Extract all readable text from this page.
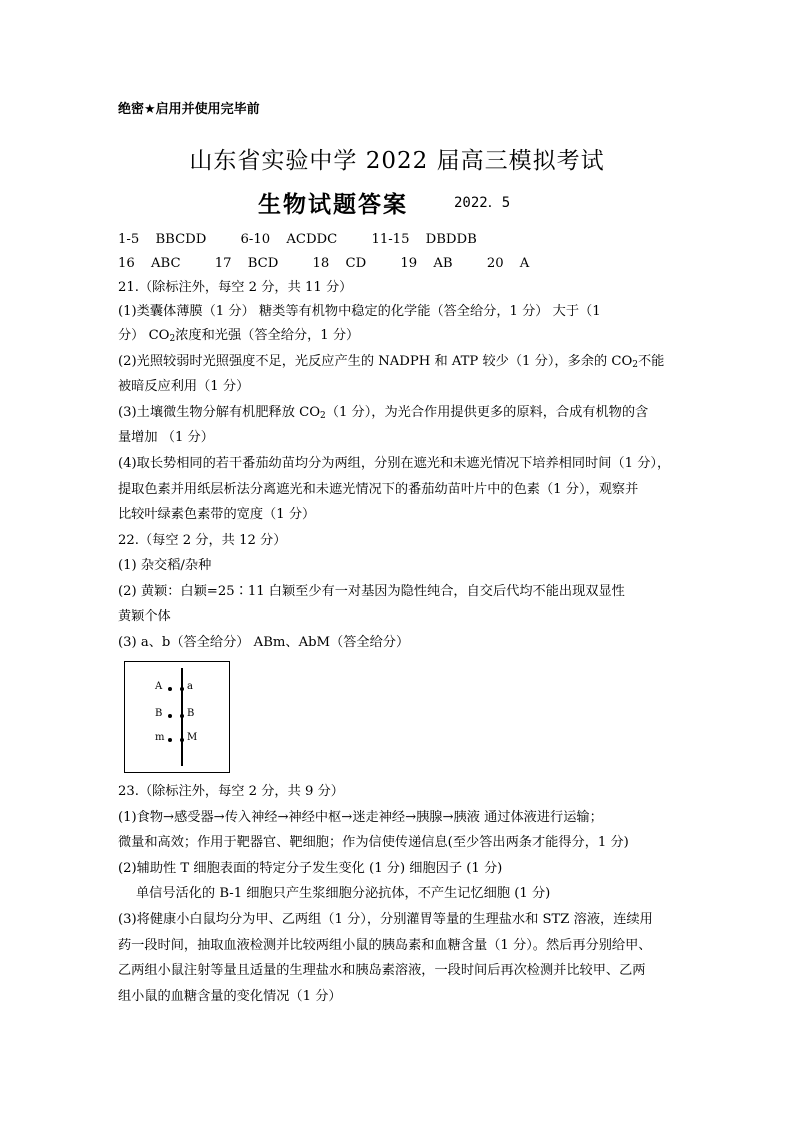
绝密★启用并使用完毕前
山东省实验中学 2022 届高三模拟考试
生物试题答案	2022．5
1-5 BBCDD	6-10 ACDDC	11-15 DBDDB
16 ABC	17 BCD	18 CD	19 AB	20 A
21.（除标注外，每空 2 分，共 11 分）
(1)类囊体薄膜（1 分） 糖类等有机物中稳定的化学能（答全给分，1 分） 大于（1
分） $CO_2$浓度和光强（答全给分，1 分）
(2)光照较弱时光照强度不足，光反应产生的 NADPH 和 ATP 较少（1 分），多余的 $CO_2$不能
被暗反应利用（1 分）
(3)土壤微生物分解有机肥释放 $CO_2(1$ 分），为光合作用提供更多的原料，合成有机物的含
量增加 （1 分）
(4)取长势相同的若干番茄幼苗均分为两组，分别在遮光和未遮光情况下培养相同时间（1 分），
提取色素并用纸层析法分离遮光和未遮光情况下的番茄幼苗叶片中的色素（1 分），观察并
比较叶绿素色素带的宽度（1 分）
22.（每空 2 分，共 12 分）
(1) 杂交稻/杂种
(2) 黄颖：白颖=25∶11 白颖至少有一对基因为隐性纯合，自交后代均不能出现双显性
黄颖个体
(3) a、b（答全给分） ABm、AbM（答全给分）
A a
B B
m M
23.（除标注外，每空 2 分，共 9 分）
(1)食物→感受器→传入神经→神经中枢→迷走神经→胰腺→胰液 通过体液进行运输；
微量和高效；作用于靶器官、靶细胞；作为信使传递信息(至少答出两条才能得分，1 分)
(2)辅助性 T 细胞表面的特定分子发生变化 (1 分) 细胞因子 (1 分)
单信号活化的 B-1 细胞只产生浆细胞分泌抗体，不产生记忆细胞 (1 分)
(3)将健康小白鼠均分为甲、乙两组（1 分），分别灌胃等量的生理盐水和 STZ 溶液，连续用
药一段时间，抽取血液检测并比较两组小鼠的胰岛素和血糖含量（1 分）。然后再分别给甲、
乙两组小鼠注射等量且适量的生理盐水和胰岛素溶液，一段时间后再次检测并比较甲、乙两
组小鼠的血糖含量的变化情况（1 分）
